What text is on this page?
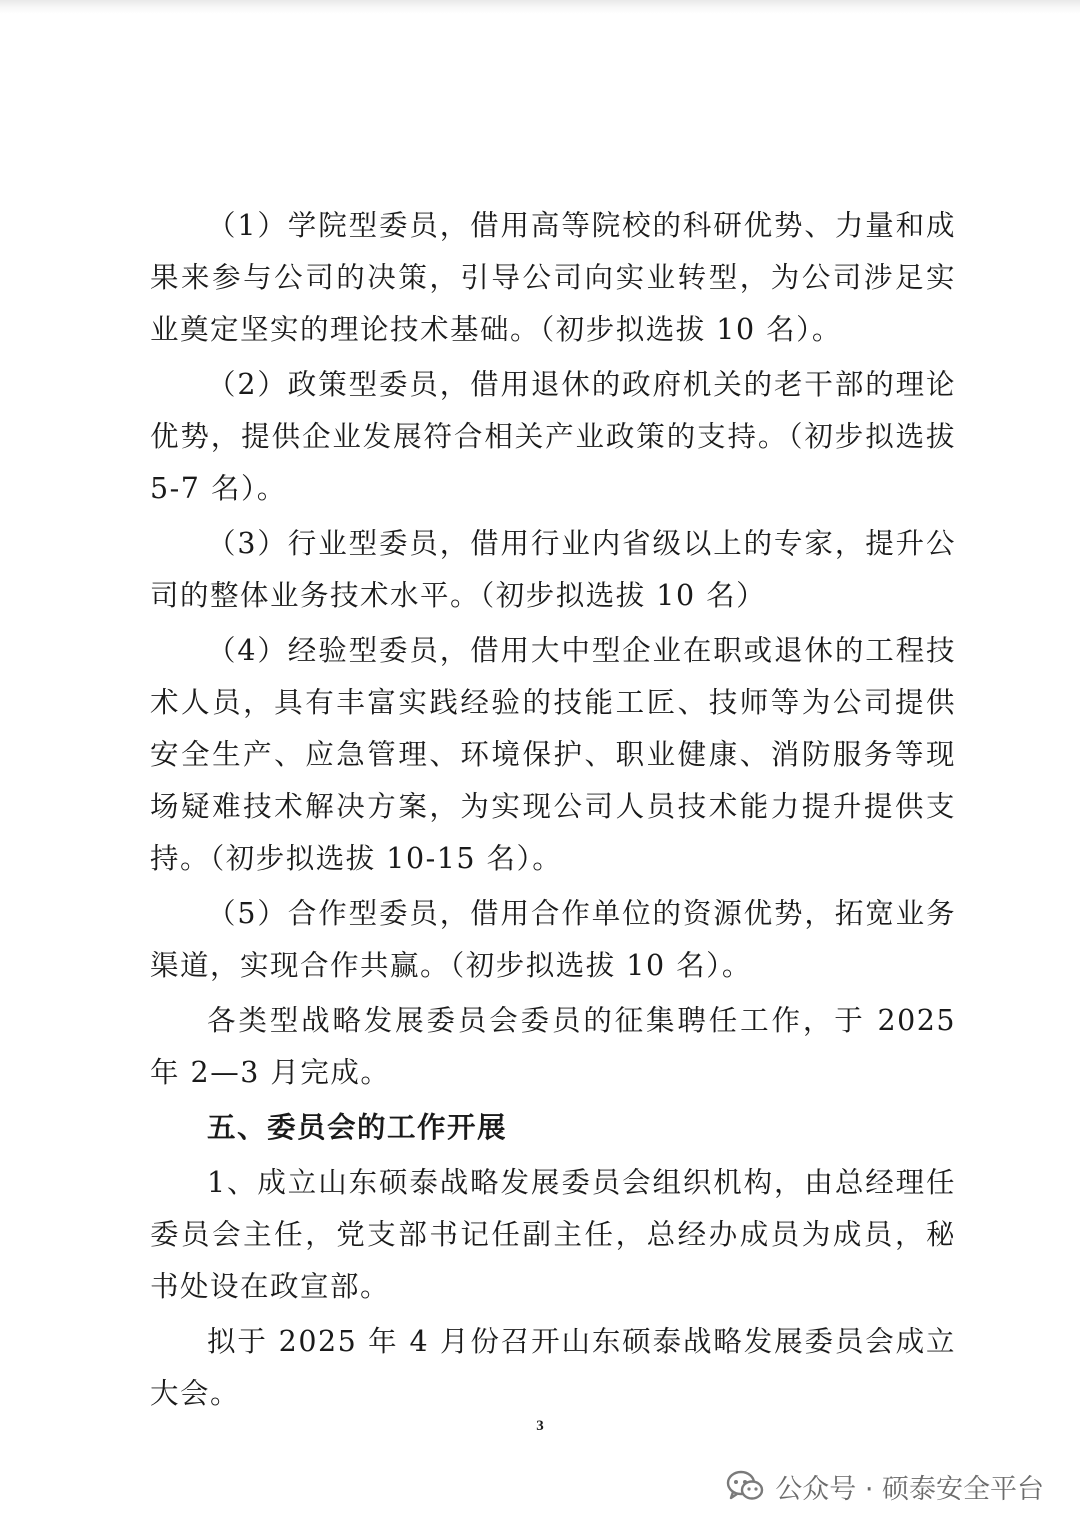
（1）学院型委员，借用高等院校的科研优势、力量和成果来参与公司的决策，引导公司向实业转型，为公司涉足实业奠定坚实的理论技术基础。（初步拟选拔 10 名）。

（2）政策型委员，借用退休的政府机关的老干部的理论优势，提供企业发展符合相关产业政策的支持。（初步拟选拔 5-7 名）。

（3）行业型委员，借用行业内省级以上的专家，提升公司的整体业务技术水平。（初步拟选拔 10 名）

（4）经验型委员，借用大中型企业在职或退休的工程技术人员，具有丰富实践经验的技能工匠、技师等为公司提供安全生产、应急管理、环境保护、职业健康、消防服务等现场疑难技术解决方案，为实现公司人员技术能力提升提供支持。（初步拟选拔 10-15 名）。

（5）合作型委员，借用合作单位的资源优势，拓宽业务渠道，实现合作共赢。（初步拟选拔 10 名）。

各类型战略发展委员会委员的征集聘任工作，于 2025 年 2—3 月完成。

五、委员会的工作开展

1、成立山东硕泰战略发展委员会组织机构，由总经理任委员会主任，党支部书记任副主任，总经办成员为成员，秘书处设在政宣部。

拟于 2025 年 4 月份召开山东硕泰战略发展委员会成立大会。

3
公众号 · 硕泰安全平台
